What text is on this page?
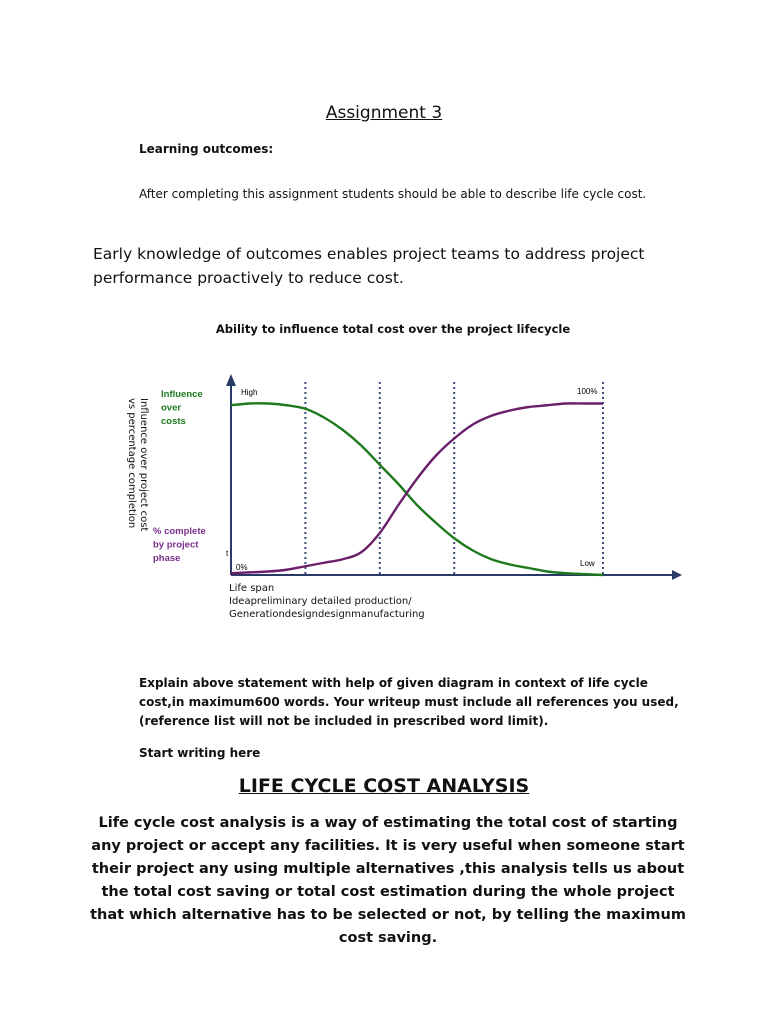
Assignment 3
Learning outcomes:
After completing this assignment students should be able to describe life cycle cost.
Early knowledge of outcomes enables project teams to address project performance proactively to reduce cost.
Ability to influence total cost over the project lifecycle
Influence over project cost vs percentage completion
Influence
over
costs
% complete
by project
phase
High	100%
Low
0%
t
Life span
Ideapreliminary detailed production/
Generationdesigndesignmanufacturing
Explain above statement with help of given diagram in context of life cycle cost,in maximum600 words. Your writeup must include all references you used, (reference list will not be included in prescribed word limit).
Start writing here
LIFE CYCLE COST ANALYSIS
Life cycle cost analysis is a way of estimating the total cost of starting any project or accept any facilities. It is very useful when someone start their project any using multiple alternatives ,this analysis tells us about the total cost saving or total cost estimation during the whole project that which alternative has to be selected or not, by telling the maximum cost saving.
